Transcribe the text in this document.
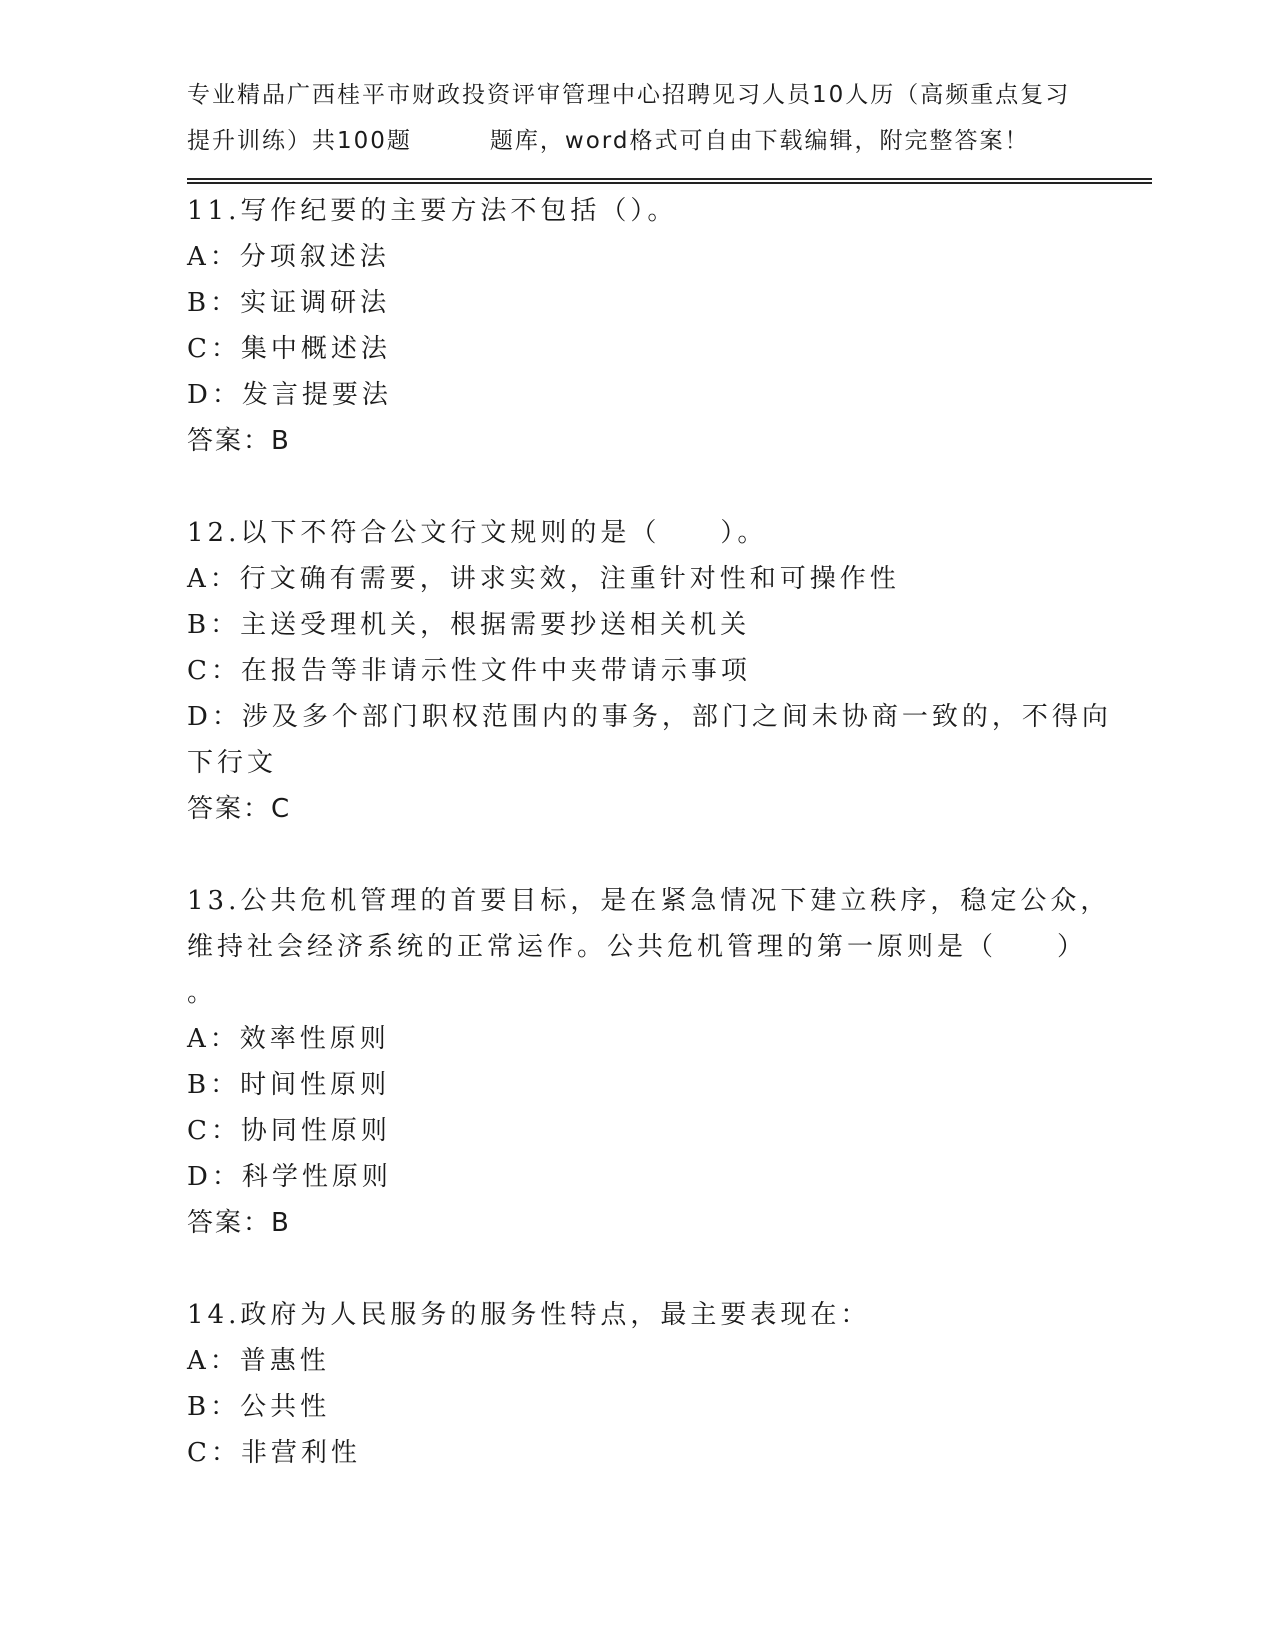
专业精品广西桂平市财政投资评审管理中心招聘见习人员10人历（高频重点复习
提升训练）共100题	题库，word格式可自由下载编辑，附完整答案！
11.写作纪要的主要方法不包括（）。
A：分项叙述法
B：实证调研法
C：集中概述法
D：发言提要法
答案：B
12.以下不符合公文行文规则的是（　　）。
A：行文确有需要，讲求实效，注重针对性和可操作性
B：主送受理机关，根据需要抄送相关机关
C：在报告等非请示性文件中夹带请示事项
D：涉及多个部门职权范围内的事务，部门之间未协商一致的，不得向
下行文
答案：C
13.公共危机管理的首要目标，是在紧急情况下建立秩序，稳定公众，
维持社会经济系统的正常运作。公共危机管理的第一原则是（　　）
。
A：效率性原则
B：时间性原则
C：协同性原则
D：科学性原则
答案：B
14.政府为人民服务的服务性特点，最主要表现在：
A：普惠性
B：公共性
C：非营利性
